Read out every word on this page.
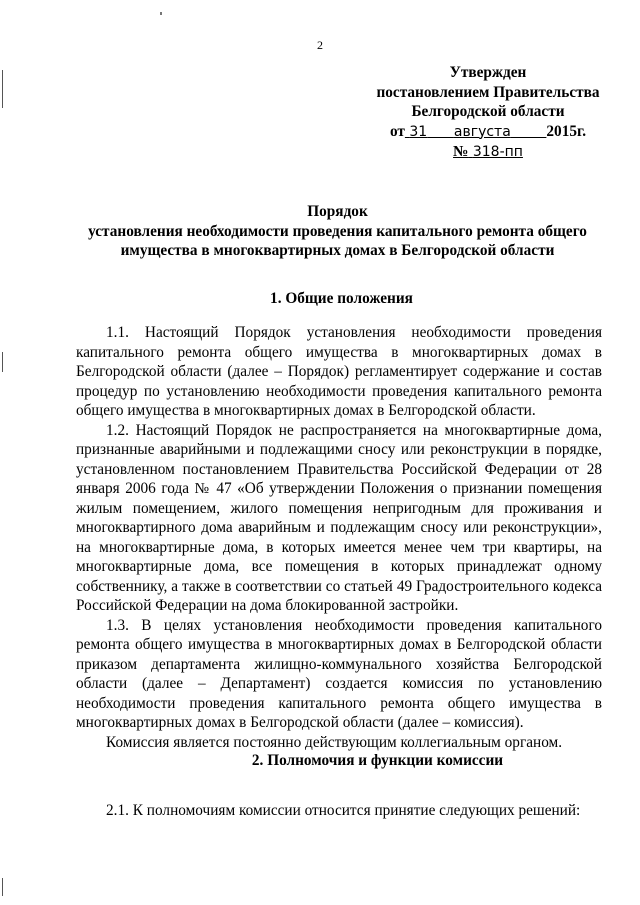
2
Утвержден
постановлением Правительства
Белгородской области
от 31 августа 2015г.
№ 318-пп
Порядок
установления необходимости проведения капитального ремонта общего
имущества в многоквартирных домах в Белгородской области
1. Общие положения

1.1. Настоящий Порядок установления необходимости проведения капитального ремонта общего имущества в многоквартирных домах в Белгородской области (далее – Порядок) регламентирует содержание и состав процедур по установлению необходимости проведения капитального ремонта общего имущества в многоквартирных домах в Белгородской области.

1.2. Настоящий Порядок не распространяется на многоквартирные дома, признанные аварийными и подлежащими сносу или реконструкции в порядке, установленном постановлением Правительства Российской Федерации от 28 января 2006 года № 47 «Об утверждении Положения о признании помещения жилым помещением, жилого помещения непригодным для проживания и многоквартирного дома аварийным и подлежащим сносу или реконструкции», на многоквартирные дома, в которых имеется менее чем три квартиры, на многоквартирные дома, все помещения в которых принадлежат одному собственнику, а также в соответствии со статьей 49 Градостроительного кодекса Российской Федерации на дома блокированной застройки.

1.3. В целях установления необходимости проведения капитального ремонта общего имущества в многоквартирных домах в Белгородской области приказом департамента жилищно-коммунального хозяйства Белгородской области (далее – Департамент) создается комиссия по установлению необходимости проведения капитального ремонта общего имущества в многоквартирных домах в Белгородской области (далее – комиссия).

Комиссия является постоянно действующим коллегиальным органом.

2. Полномочия и функции комиссии

2.1. К полномочиям комиссии относится принятие следующих решений:
